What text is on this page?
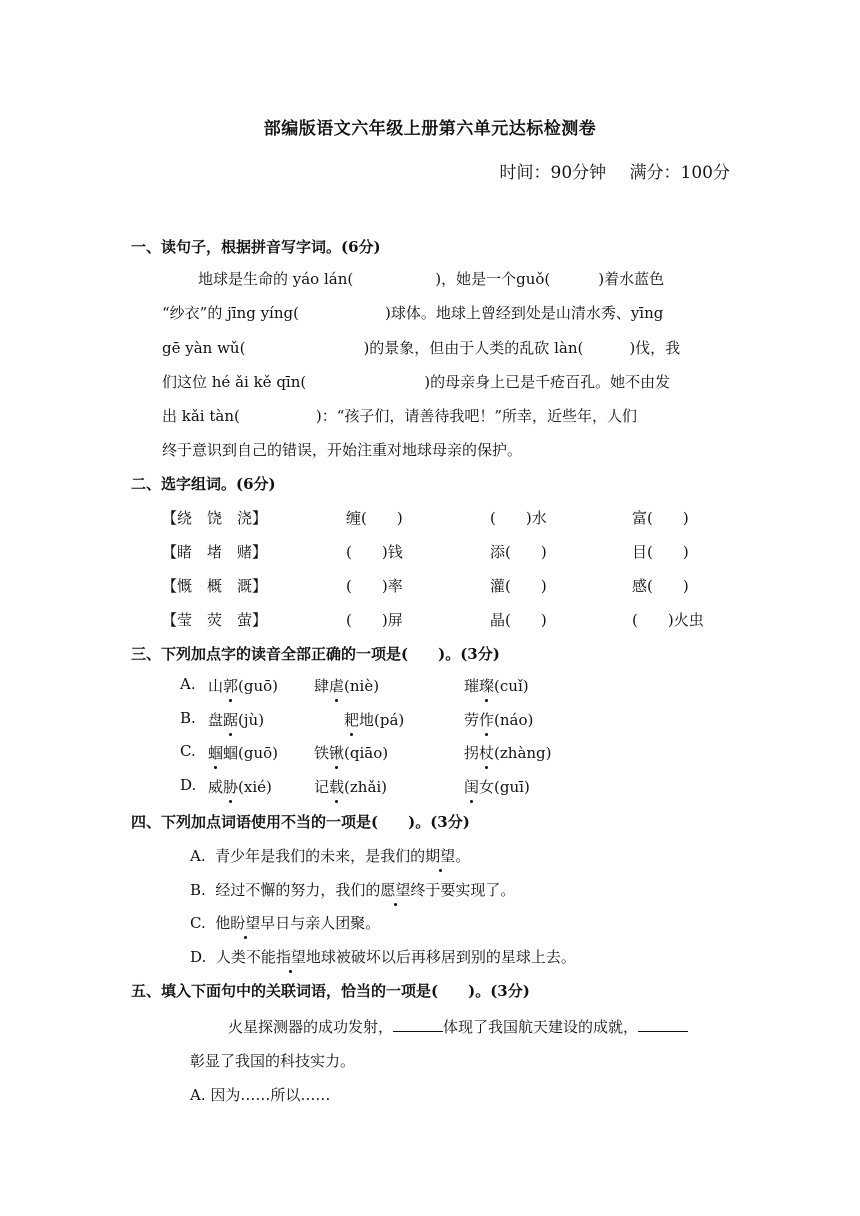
部编版语文六年级上册第六单元达标检测卷
时间：90分钟 满分：100分
一、读句子，根据拼音写字词。(6分)
地球是生命的 yáo lán(	)，她是一个guǒ(	)着水蓝色
“纱衣”的 jīng yíng(	)球体。地球上曾经到处是山清水秀、yīng
gē yàn wǔ(	)的景象，但由于人类的乱砍 làn(	)伐，我
们这位 hé ǎi kě qīn(	)的母亲身上已是千疮百孔。她不由发
出 kǎi tàn(	)：“孩子们，请善待我吧！”所幸，近些年，人们
终于意识到自己的错误，开始注重对地球母亲的保护。
二、选字组词。(6分)
【绕　饶　浇】	缠(　　)	(　　)水	富(　　)
【睹　堵　赌】	(　　)钱	添(　　)	目(　　)
【慨　概　溉】	(　　)率	灌(　　)	感(　　)
【莹　荧　萤】	(　　)屏	晶(　　)	(　　)火虫
三、下列加点字的读音全部正确的一项是(　　)。(3分)
A. 山郭(guō) 肆虐(niè)	璀璨(cuǐ)
B. 盘踞(jù)	耙地(pá)	劳作(náo)
C. 蝈蝈(guō) 铁锹(qiāo)	拐杖(zhàng)
D. 威胁(xié)	记载(zhǎi)	闺女(guī)
四、下列加点词语使用不当的一项是(　　)。(3分)
A. 青少年是我们的未来，是我们的期望。
B. 经过不懈的努力，我们的愿望终于要实现了。
C. 他盼望早日与亲人团聚。
D. 人类不能指望地球被破坏以后再移居到别的星球上去。
五、填入下面句中的关联词语，恰当的一项是(　　)。(3分)
火星探测器的成功发射，	体现了我国航天建设的成就，
彰显了我国的科技实力。
A. 因为……所以……
